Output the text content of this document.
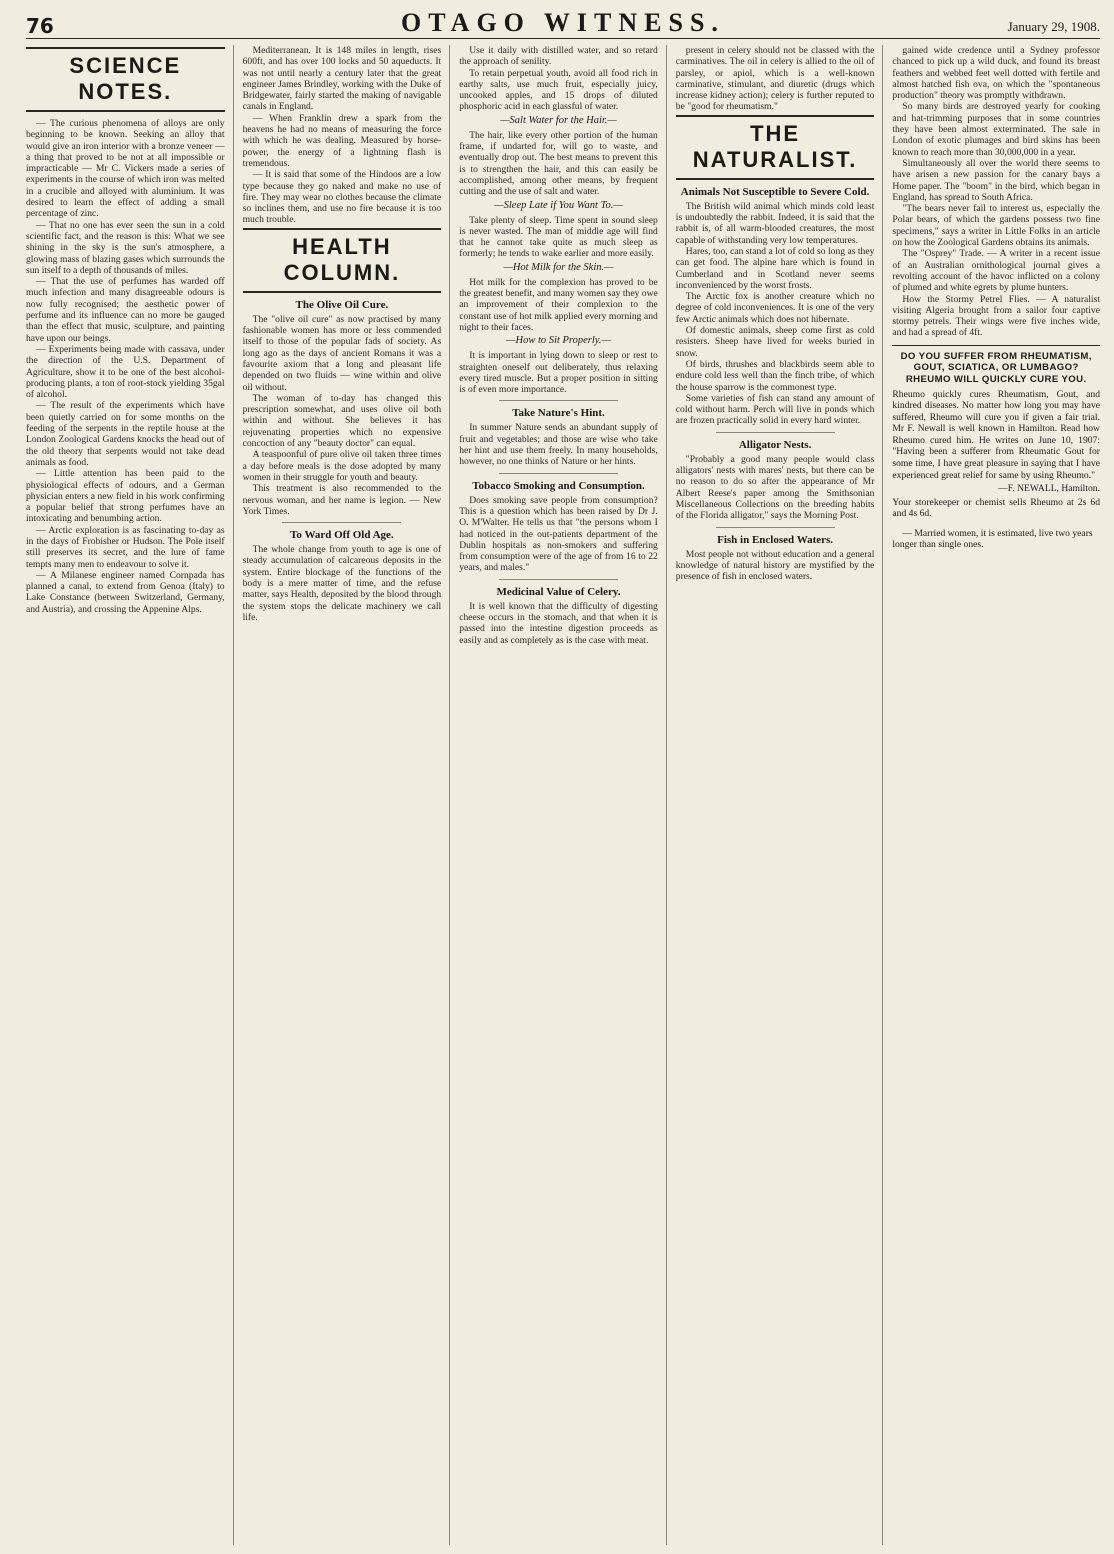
76	OTAGO WITNESS.	January 29, 1908.
SCIENCE NOTES.

— The curious phenomena of alloys are only beginning to be known. Seeking an alloy that would give an iron interior with a bronze veneer — a thing that proved to be not at all impossible or impracticable — Mr C. Vickers made a series of experiments in the course of which iron was melted in a crucible and alloyed with aluminium. It was desired to learn the effect of adding a small percentage of zinc.

— That no one has ever seen the sun in a cold scientific fact, and the reason is this: What we see shining in the sky is the sun's atmosphere, a glowing mass of blazing gases which surrounds the sun itself to a depth of thousands of miles.

— That the use of perfumes has warded off much infection and many disagreeable odours is now fully recognised; the aesthetic power of perfume and its influence can no more be gauged than the effect that music, sculpture, and painting have upon our beings.

— Experiments being made with cassava, under the direction of the U.S. Department of Agriculture, show it to be one of the best alcohol-producing plants, a ton of root-stock yielding 35gal of alcohol.

— The result of the experiments which have been quietly carried on for some months on the feeding of the serpents in the reptile house at the London Zoological Gardens knocks the head out of the old theory that serpents would not take dead animals as food.

— Little attention has been paid to the physiological effects of odours, and a German physician enters a new field in his work confirming a popular belief that strong perfumes have an intoxicating and benumbing action.

— Arctic exploration is as fascinating to-day as in the days of Frobisher or Hudson. The Pole itself still preserves its secret, and the lure of fame tempts many men to endeavour to solve it.

— A Milanese engineer named Cornpada has planned a canal, to extend from Genoa (Italy) to Lake Constance (between Switzerland, Germany, and Austria), and crossing the Appenine Alps.

Mediterranean. It is 148 miles in length, rises 600ft, and has over 100 locks and 50 aqueducts. It was not until nearly a century later that the great engineer James Brindley, working with the Duke of Bridgewater, fairly started the making of navigable canals in England.

— When Franklin drew a spark from the heavens he had no means of measuring the force with which he was dealing. Measured by horse-power, the energy of a lightning flash is tremendous.

— It is said that some of the Hindoos are a low type because they go naked and make no use of fire. They may wear no clothes because the climate so inclines them, and use no fire because it is too much trouble.

HEALTH COLUMN.
The Olive Oil Cure.

The "olive oil cure" as now practised by many fashionable women has more or less commended itself to those of the popular fads of society. As long ago as the days of ancient Romans it was a favourite axiom that a long and pleasant life depended on two fluids — wine within and olive oil without.

The woman of to-day has changed this prescription somewhat, and uses olive oil both within and without. She believes it has rejuvenating properties which no expensive concoction of any "beauty doctor" can equal.

A teaspoonful of pure olive oil taken three times a day before meals is the dose adopted by many women in their struggle for youth and beauty.

This treatment is also recommended to the nervous woman, and her name is legion. — New York Times.

To Ward Off Old Age.

The whole change from youth to age is one of steady accumulation of calcareous deposits in the system. Entire blockage of the functions of the body is a mere matter of time, and the refuse matter, says Health, deposited by the blood through the system stops the delicate machinery we call life.

Use it daily with distilled water, and so retard the approach of senility.

To retain perpetual youth, avoid all food rich in earthy salts, use much fruit, especially juicy, uncooked apples, and 15 drops of diluted phosphoric acid in each glassful of water.

—Salt Water for the Hair.—

The hair, like every other portion of the human frame, if undarted for, will go to waste, and eventually drop out. The best means to prevent this is to strengthen the hair, and this can easily be accomplished, among other means, by frequent cutting and the use of salt and water.

—Sleep Late if You Want To.—

Take plenty of sleep. Time spent in sound sleep is never wasted. The man of middle age will find that he cannot take quite as much sleep as formerly; he tends to wake earlier and more easily.

—Hot Milk for the Skin.—

Hot milk for the complexion has proved to be the greatest benefit, and many women say they owe an improvement of their complexion to the constant use of hot milk applied every morning and night to their faces.

—How to Sit Properly.—

It is important in lying down to sleep or rest to straighten oneself out deliberately, thus relaxing every tired muscle. But a proper position in sitting is of even more importance.

Take Nature's Hint.

In summer Nature sends an abundant supply of fruit and vegetables; and those are wise who take her hint and use them freely. In many households, however, no one thinks of Nature or her hints.

Tobacco Smoking and Consumption.

Does smoking save people from consumption? This is a question which has been raised by Dr J. O. M'Walter. He tells us that "the persons whom I had noticed in the out-patients department of the Dublin hospitals as non-smokers and suffering from consumption were of the age of from 16 to 22 years, and males."

Medicinal Value of Celery.

It is well known that the difficulty of digesting cheese occurs in the stomach, and that when it is passed into the intestine digestion proceeds as easily and as completely as is the case with meat.

present in celery should not be classed with the carminatives. The oil in celery is allied to the oil of parsley, or apiol, which is a well-known carminative, stimulant, and diuretic (drugs which increase kidney action); celery is further reputed to be "good for rheumatism."

THE NATURALIST.
Animals Not Susceptible to Severe Cold.

The British wild animal which minds cold least is undoubtedly the rabbit. Indeed, it is said that the rabbit is, of all warm-blooded creatures, the most capable of withstanding very low temperatures.

Hares, too, can stand a lot of cold so long as they can get food. The alpine hare which is found in Cumberland and in Scotland never seems inconvenienced by the worst frosts.

The Arctic fox is another creature which no degree of cold inconveniences. It is one of the very few Arctic animals which does not hibernate.

Of domestic animals, sheep come first as cold resisters. Sheep have lived for weeks buried in snow.

Of birds, thrushes and blackbirds seem able to endure cold less well than the finch tribe, of which the house sparrow is the commonest type.

Some varieties of fish can stand any amount of cold without harm. Perch will live in ponds which are frozen practically solid in every hard winter.

Alligator Nests.

"Probably a good many people would class alligators' nests with mares' nests, but there can be no reason to do so after the appearance of Mr Albert Reese's paper among the Smithsonian Miscellaneous Collections on the breeding habits of the Florida alligator," says the Morning Post.

Fish in Enclosed Waters.

Most people not without education and a general knowledge of natural history are mystified by the presence of fish in enclosed waters.

gained wide credence until a Sydney professor chanced to pick up a wild duck, and found its breast feathers and webbed feet well dotted with fertile and almost hatched fish ova, on which the "spontaneous production" theory was promptly withdrawn.

So many birds are destroyed yearly for cooking and hat-trimming purposes that in some countries they have been almost exterminated. The sale in London of exotic plumages and bird skins has been known to reach more than 30,000,000 in a year.

Simultaneously all over the world there seems to have arisen a new passion for the canary bays a Home paper. The "boom" in the bird, which began in England, has spread to South Africa.

"The bears never fail to interest us, especially the Polar bears, of which the gardens possess two fine specimens," says a writer in Little Folks in an article on how the Zoological Gardens obtains its animals.

The "Osprey" Trade. — A writer in a recent issue of an Australian ornithological journal gives a revolting account of the havoc inflicted on a colony of plumed and white egrets by plume hunters.

How the Stormy Petrel Flies. — A naturalist visiting Algeria brought from a sailor four captive stormy petrels. Their wings were five inches wide, and had a spread of 4ft.

DO YOU SUFFER FROM RHEUMATISM, GOUT, SCIATICA, OR LUMBAGO? RHEUMO WILL QUICKLY CURE YOU.

Rheumo quickly cures Rheumatism, Gout, and kindred diseases. No matter how long you may have suffered, Rheumo will cure you if given a fair trial. Mr F. Newall is well known in Hamilton. Read how Rheumo cured him. He writes on June 10, 1907: "Having been a sufferer from Rheumatic Gout for some time, I have great pleasure in saying that I have experienced great relief for same by using Rheumo."

—F. NEWALL, Hamilton.

Your storekeeper or chemist sells Rheumo at 2s 6d and 4s 6d.

— Married women, it is estimated, live two years longer than single ones.
